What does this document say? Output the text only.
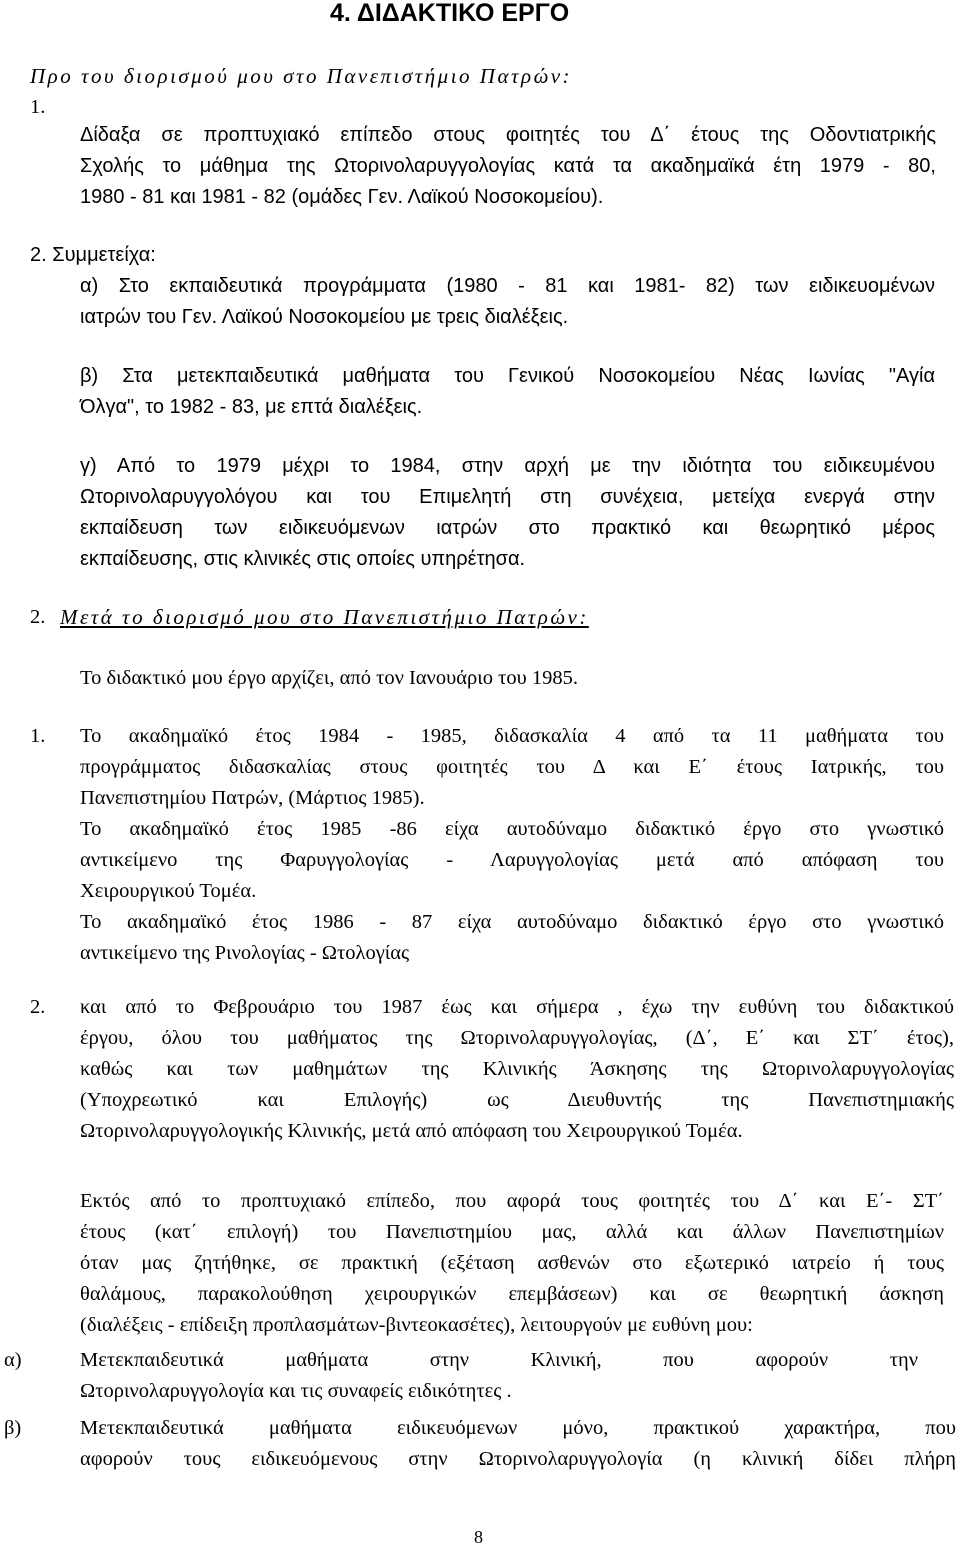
4. ΔΙΔΑΚΤΙΚΟ ΕΡΓΟ
Προ του διορισμού μου στο Πανεπιστήμιο Πατρών:
1.
Δίδαξα σε προπτυχιακό επίπεδο στους φοιτητές του Δ΄ έτους της Οδοντιατρικής
Σχολής το μάθημα της Ωτορινολαρυγγολογίας κατά τα ακαδημαϊκά έτη 1979 - 80,
1980 - 81 και 1981 - 82 (ομάδες Γεν. Λαϊκού Νοσοκομείου).
2. Συμμετείχα:
α) Στο εκπαιδευτικά προγράμματα (1980 - 81 και 1981- 82) των ειδικευομένων
ιατρών του Γεν. Λαϊκού Νοσοκομείου με τρεις διαλέξεις.
β) Στα μετεκπαιδευτικά μαθήματα του Γενικού Νοσοκομείου Νέας Ιωνίας "Αγία
Όλγα", το 1982 - 83, με επτά διαλέξεις.
γ) Από το 1979 μέχρι το 1984, στην αρχή με την ιδιότητα του ειδικευμένου
Ωτορινολαρυγγολόγου και του Επιμελητή στη συνέχεια, μετείχα ενεργά στην
εκπαίδευση των ειδικευόμενων ιατρών στο πρακτικό και θεωρητικό μέρος
εκπαίδευσης, στις κλινικές στις οποίες υπηρέτησα.
2. Μετά το διορισμό μου στο Πανεπιστήμιο Πατρών:
Το διδακτικό μου έργο αρχίζει, από τον Ιανουάριο του 1985.
1. Το ακαδημαϊκό έτος 1984 - 1985, διδασκαλία 4 από τα 11 μαθήματα του
προγράμματος διδασκαλίας στους φοιτητές του Δ και Ε΄ έτους Ιατρικής, του
Πανεπιστημίου Πατρών, (Μάρτιος 1985).
Το ακαδημαϊκό έτος 1985 -86 είχα αυτοδύναμο διδακτικό έργο στο γνωστικό
αντικείμενο της Φαρυγγολογίας - Λαρυγγολογίας μετά από απόφαση του
Χειρουργικού Τομέα.
Το ακαδημαϊκό έτος 1986 - 87 είχα αυτοδύναμο διδακτικό έργο στο γνωστικό
αντικείμενο της Ρινολογίας - Ωτολογίας
2. και από το Φεβρουάριο του 1987 έως και σήμερα , έχω την ευθύνη του διδακτικού
έργου, όλου του μαθήματος της Ωτορινολαρυγγολογίας, (Δ΄, Ε΄ και ΣΤ΄ έτος),
καθώς και των μαθημάτων της Κλινικής Άσκησης της Ωτορινολαρυγγολογίας
(Υποχρεωτικό και Επιλογής) ως Διευθυντής της Πανεπιστημιακής
Ωτορινολαρυγγολογικής Κλινικής, μετά από απόφαση του Χειρουργικού Τομέα.
Εκτός από το προπτυχιακό επίπεδο, που αφορά τους φοιτητές του Δ΄ και Ε΄- ΣΤ΄
έτους (κατ΄ επιλογή) του Πανεπιστημίου μας, αλλά και άλλων Πανεπιστημίων
όταν μας ζητήθηκε, σε πρακτική (εξέταση ασθενών στο εξωτερικό ιατρείο ή τους
θαλάμους, παρακολούθηση χειρουργικών επεμβάσεων) και σε θεωρητική άσκηση
(διαλέξεις - επίδειξη προπλασμάτων-βιντεοκασέτες), λειτουργούν με ευθύνη μου:
α)	Μετεκπαιδευτικά μαθήματα στην Κλινική, που αφορούν την
Ωτορινολαρυγγολογία και τις συναφείς ειδικότητες .
β)	Μετεκπαιδευτικά μαθήματα ειδικευόμενων μόνο, πρακτικού χαρακτήρα, που
αφορούν τους ειδικευόμενους στην Ωτορινολαρυγγολογία (η κλινική δίδει πλήρη
8
